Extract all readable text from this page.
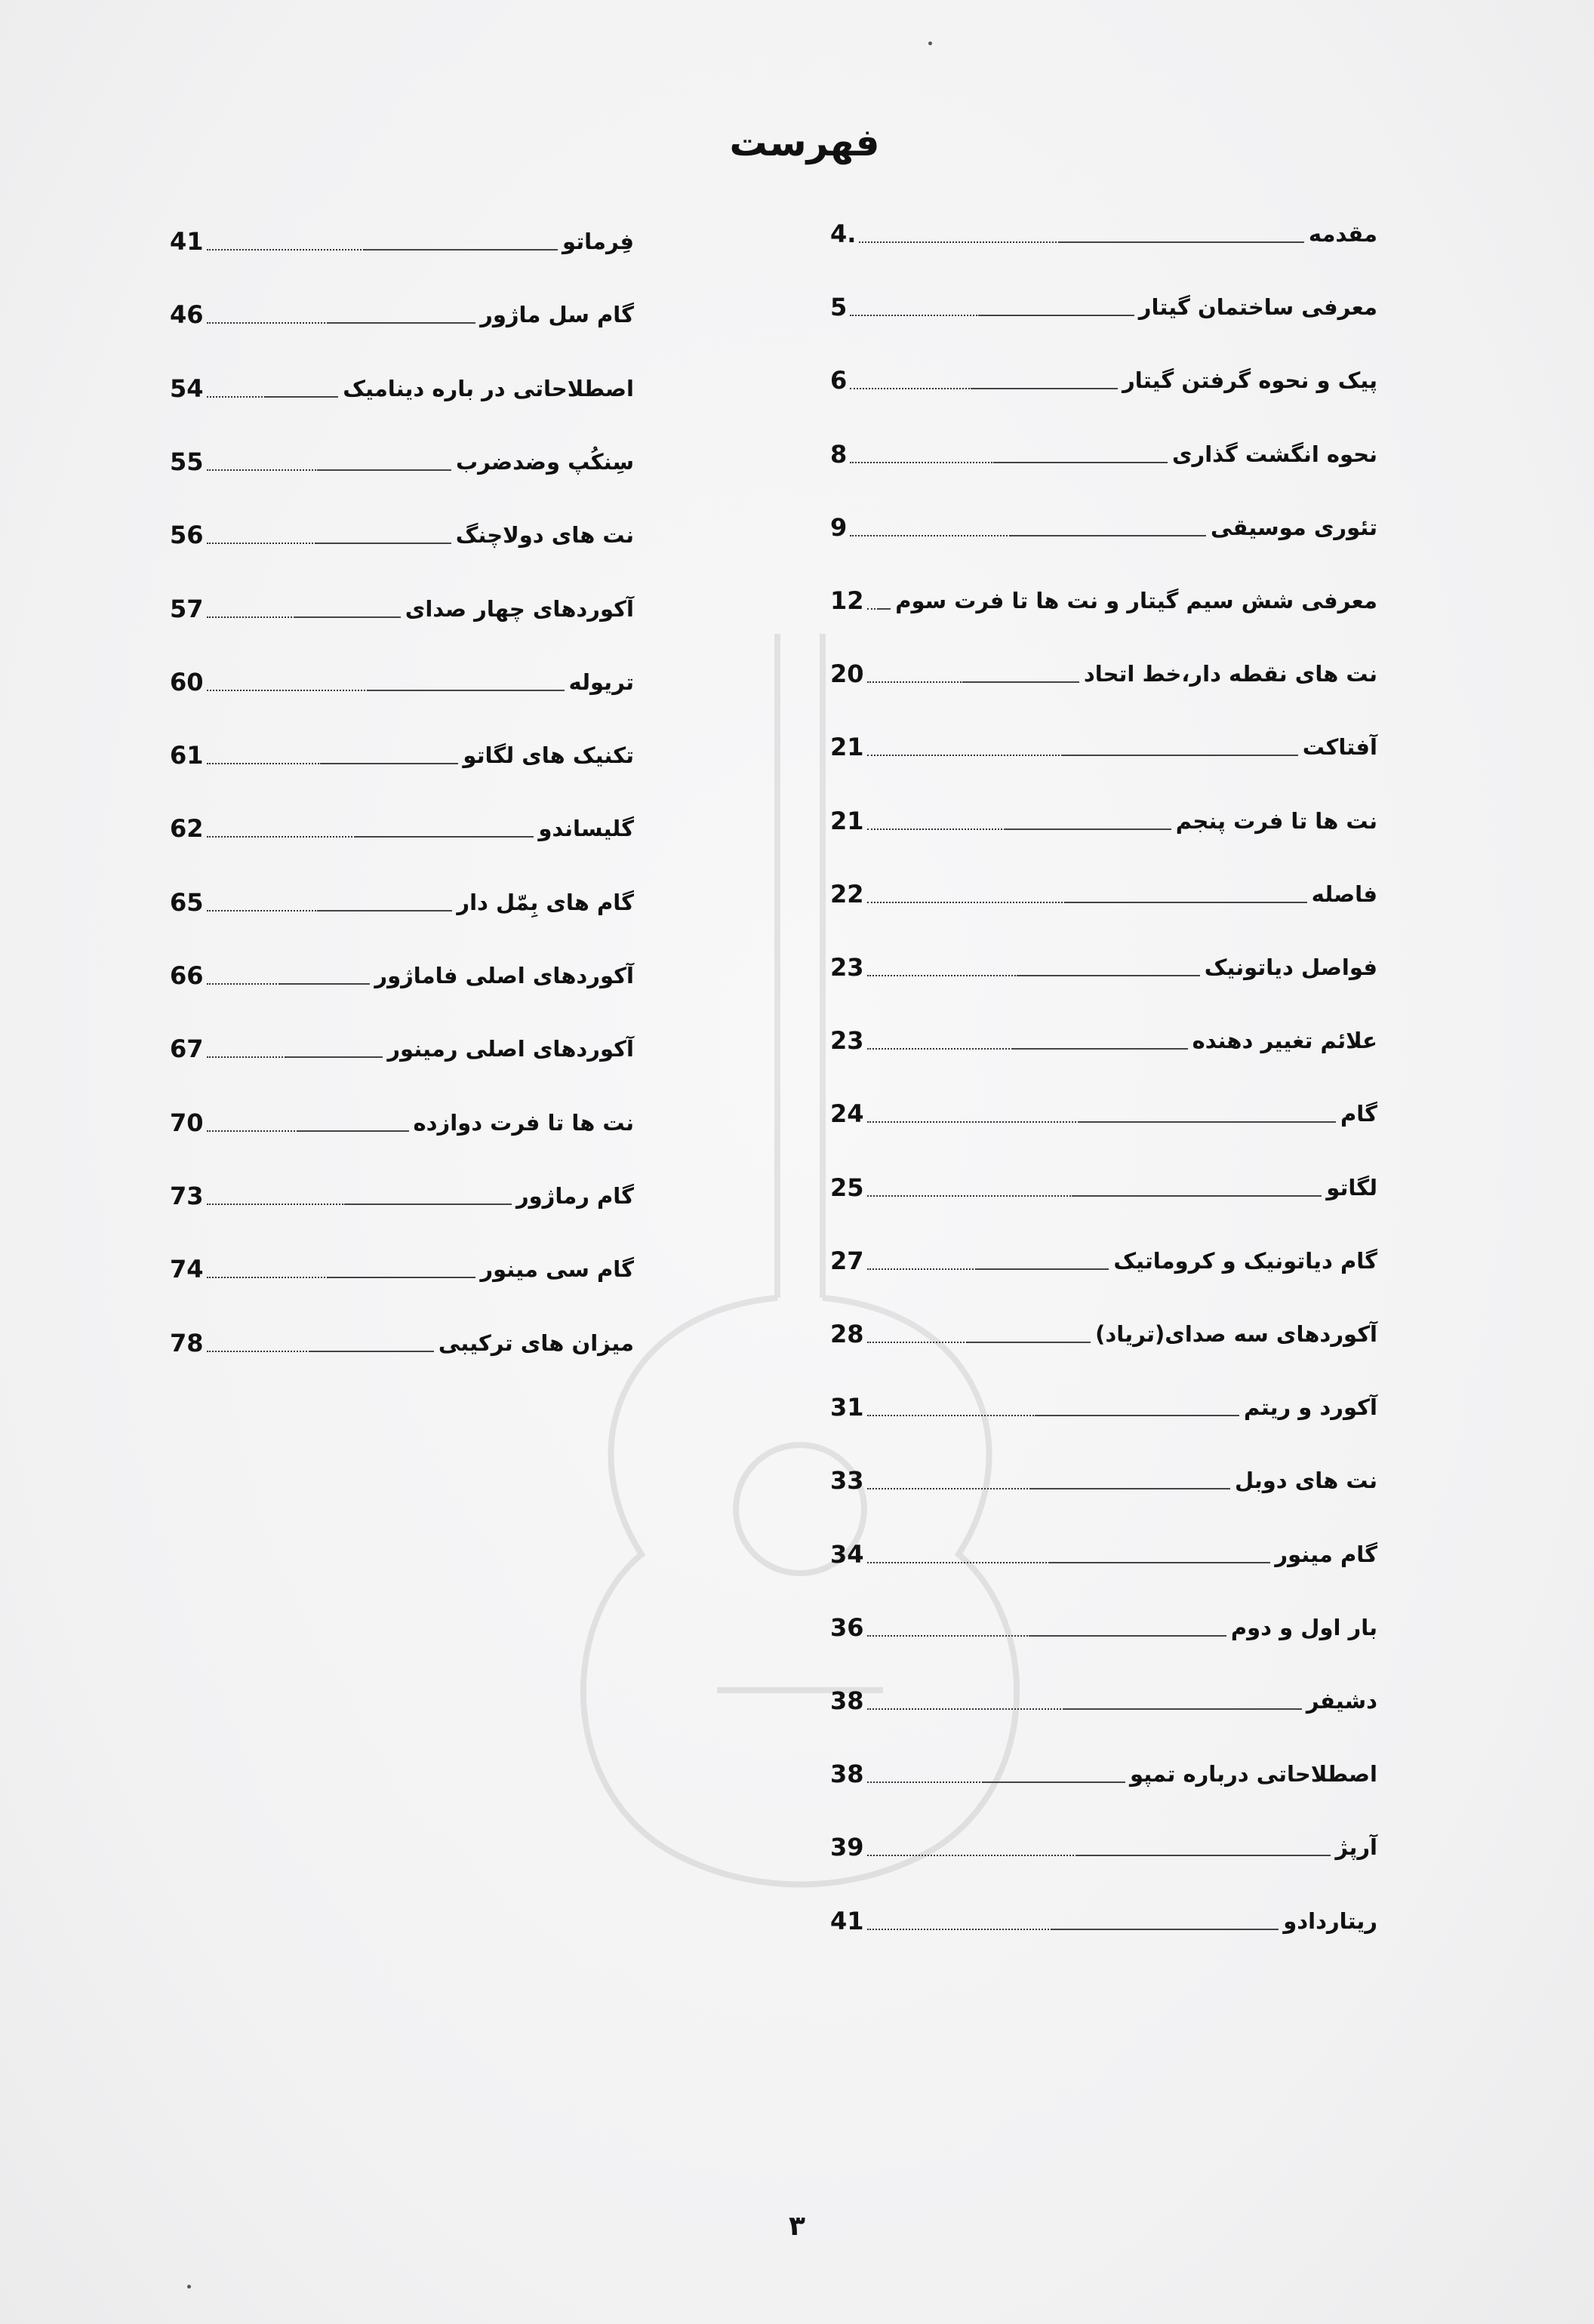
فهرست
4.	مقدمه
5	معرفی ساختمان گیتار
6	پیک و نحوه گرفتن گیتار
8	نحوه انگشت گذاری
9	تئوری موسیقی
12 معرفی شش سیم گیتار و نت ها تا فرت سوم
20	نت های نقطه دار،خط اتحاد
21	آفتاکت
21	نت ها تا فرت پنجم
22	فاصله
23	فواصل دیاتونیک
23	علائم تغییر دهنده
24	گام
25	لگاتو
27	گام دیاتونیک و کروماتیک
28	آکوردهای سه صدای(تریاد)
31	آکورد و ریتم
33	نت های دوبل
34	گام مینور
36	بار اول و دوم
38	دشیفر
38	اصطلاحاتی درباره تمپو
39	آرپژ
41	ریتاردادو
41	فِرماتو
46	گام سل ماژور
54	اصطلاحاتی در باره دینامیک
55	سِنکُپ وضدضرب
56	نت های دولاچنگ
57	آکوردهای چهار صدای
60	تریوله
61	تکنیک های لگاتو
62	گلیساندو
65	گام های بِمّل دار
66	آکوردهای اصلی فاماژور
67	آکوردهای اصلی رمینور
70	نت ها تا فرت دوازده
73	گام رماژور
74	گام سی مینور
78	میزان های ترکیبی
۳
